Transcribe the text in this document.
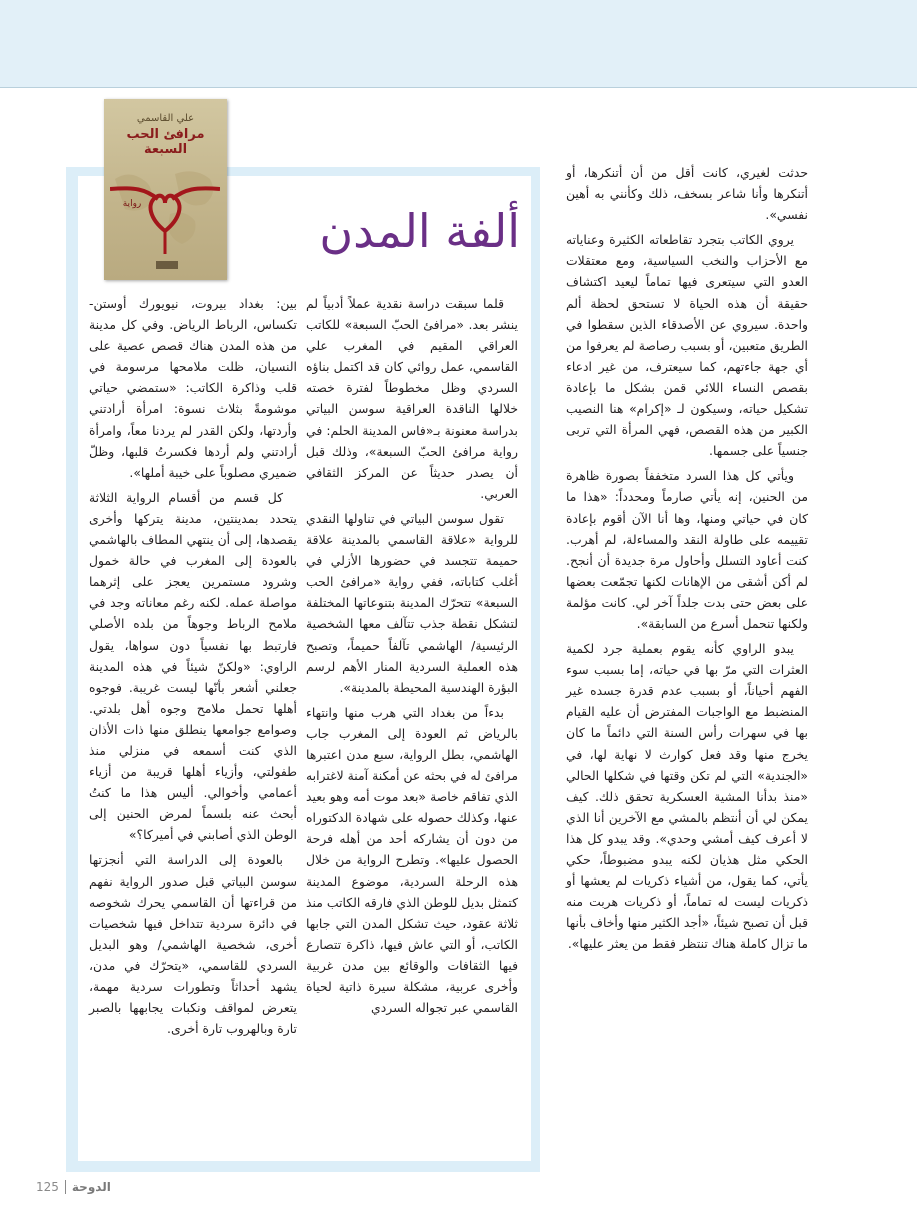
علي القاسمي
مرافئ الحب السبعة
رواية	ألفة المدن

حدثت لغيري، كانت أقل من أن أتنكرها، أو أتنكرها وأنا شاعر بسخف، ذلك وكأنني به أهين نفسي».

يروي الكاتب بتجرد تقاطعاته الكثيرة وعناياته مع الأحزاب والنخب السياسية، ومع معتقلات العدو التي سيتعرى فيها تماماً ليعيد اكتشاف حقيقة أن هذه الحياة لا تستحق لحظة ألم واحدة. سيروي عن الأصدقاء الذين سقطوا في الطريق متعبين، أو بسبب رصاصة لم يعرفوا من أي جهة جاءتهم، كما سيعترف، من غير ادعاء بقصص النساء اللائي قمن بشكل ما بإعادة تشكيل حياته، وسيكون لـ «إكرام» هنا النصيب الكبير من هذه القصص، فهي المرأة التي تربى جنسياً على جسمها.

ويأتي كل هذا السرد متخففاً بصورة ظاهرة من الحنين، إنه يأتي صارماً ومحدداً: «هذا ما كان في حياتي ومنها، وها أنا الآن أقوم بإعادة تقييمه على طاولة النقد والمساءلة، لم أهرب. كنت أعاود التسلل وأحاول مرة جديدة أن أنجح. لم أكن أشقى من الإهانات لكنها تجمّعت بعضها على بعض حتى بدت جلداً آخر لي. كانت مؤلمة ولكنها تنحمل أسرع من السابقة».

يبدو الراوي كأنه يقوم بعملية جرد لكمية العثرات التي مرّ بها في حياته، إما بسبب سوء الفهم أحياناً، أو بسبب عدم قدرة جسده غير المنضبط مع الواجبات المفترض أن عليه القيام بها في سهرات رأس السنة التي دائماً ما كان يخرج منها وقد فعل كوارث لا نهاية لها، في «الجندية» التي لم تكن وقتها في شكلها الحالي «منذ بدأنا المشية العسكرية تحقق ذلك. كيف يمكن لي أن أنتظم بالمشي مع الآخرين أنا الذي لا أعرف كيف أمشي وحدي». وقد يبدو كل هذا الحكي مثل هذيان لكنه يبدو مضبوطاً، حكي يأتي، كما يقول، من أشياء ذكريات لم يعشها أو ذكريات ليست له تماماً، أو ذكريات هربت منه قبل أن تصبح شيئاً، «أجد الكثير منها وأخاف بأنها ما تزال كاملة هناك تنتظر فقط من يعثر عليها».

قلما سبقت دراسة نقدية عملاً أدبياً لم ينشر بعد. «مرافئ الحبّ السبعة» للكاتب العراقي المقيم في المغرب علي القاسمي، عمل روائي كان قد اكتمل بناؤه السردي وظل مخطوطاً لفترة خصته خلالها الناقدة العراقية سوسن البياتي بدراسة معنونة بـ«فاس المدينة الحلم: في رواية مرافئ الحبّ السبعة»، وذلك قبل أن يصدر حديثاً عن المركز الثقافي العربي.

تقول سوسن البياتي في تناولها النقدي للرواية «علاقة القاسمي بالمدينة علاقة حميمة تتجسد في حضورها الأزلي في أغلب كتاباته، ففي رواية «مرافئ الحب السبعة» تتحرّك المدينة بتنوعاتها المختلفة لتشكل نقطة جذب تتآلف معها الشخصية الرئيسية/ الهاشمي تآلفاً حميماً، وتصبح هذه العملية السردية المنار الأهم لرسم البؤرة الهندسية المحيطة بالمدينة».

بدءاً من بغداد التي هرب منها وانتهاء بالرياض ثم العودة إلى المغرب جاب الهاشمي، بطل الرواية، سبع مدن اعتبرها مرافئ له في بحثه عن أمكنة آمنة لاغترابه الذي تفاقم خاصة «بعد موت أمه وهو بعيد عنها، وكذلك حصوله على شهادة الدكتوراه من دون أن يشاركه أحد من أهله فرحة الحصول عليها». وتطرح الرواية من خلال هذه الرحلة السردية، موضوع المدينة كتمثل بديل للوطن الذي فارقه الكاتب منذ ثلاثة عقود، حيث تشكل المدن التي جابها الكاتب، أو التي عاش فيها، ذاكرة تتصارع فيها الثقافات والوقائع بين مدن غربية وأخرى عربية، مشكلة سيرة ذاتية لحياة القاسمي عبر تجواله السردي

بين: بغداد بيروت، نيويورك أوستن- تكساس، الرباط الرياض. وفي كل مدينة من هذه المدن هناك قصص عصية على النسيان، ظلت ملامحها مرسومة في قلب وذاكرة الكاتب: «ستمضي حياتي موشومةً بثلاث نسوة: امرأة أرادتني وأردتها، ولكن القدر لم يردنا معاً، وامرأة أرادتني ولم أردها فكسرتُ قلبها، وظلّ ضميري مصلوباً على خيبة أملها».

كل قسم من أقسام الرواية الثلاثة يتحدد بمدينتين، مدينة يتركها وأخرى يقصدها، إلى أن ينتهي المطاف بالهاشمي بالعودة إلى المغرب في حالة خمول وشرود مستمرين يعجز على إثرهما مواصلة عمله. لكنه رغم معاناته وجد في ملامح الرباط وجوهاً من بلده الأصلي فارتبط بها نفسياً دون سواها، يقول الراوي: «ولكنّ شيئاً في هذه المدينة جعلني أشعر بأنّها ليست غريبة. فوجوه أهلها تحمل ملامح وجوه أهل بلدتي. وصوامع جوامعها ينطلق منها ذات الأذان الذي كنت أسمعه في منزلي منذ طفولتي، وأزياء أهلها قريبة من أزياء أعمامي وأخوالي. أليس هذا ما كنتُ أبحث عنه بلسماً لمرض الحنين إلى الوطن الذي أصابني في أميركا؟»

بالعودة إلى الدراسة التي أنجزتها سوسن البياتي قبل صدور الرواية نفهم من قراءتها أن القاسمي يحرك شخوصه في دائرة سردية تتداخل فيها شخصيات أخرى، شخصية الهاشمي/ وهو البديل السردي للقاسمي، «يتحرّك في مدن، يشهد أحداثاً وتطورات سردية مهمة، يتعرض لمواقف ونكبات يجابهها بالصبر تارة وبالهروب تارة أخرى.

125 الدوحة
